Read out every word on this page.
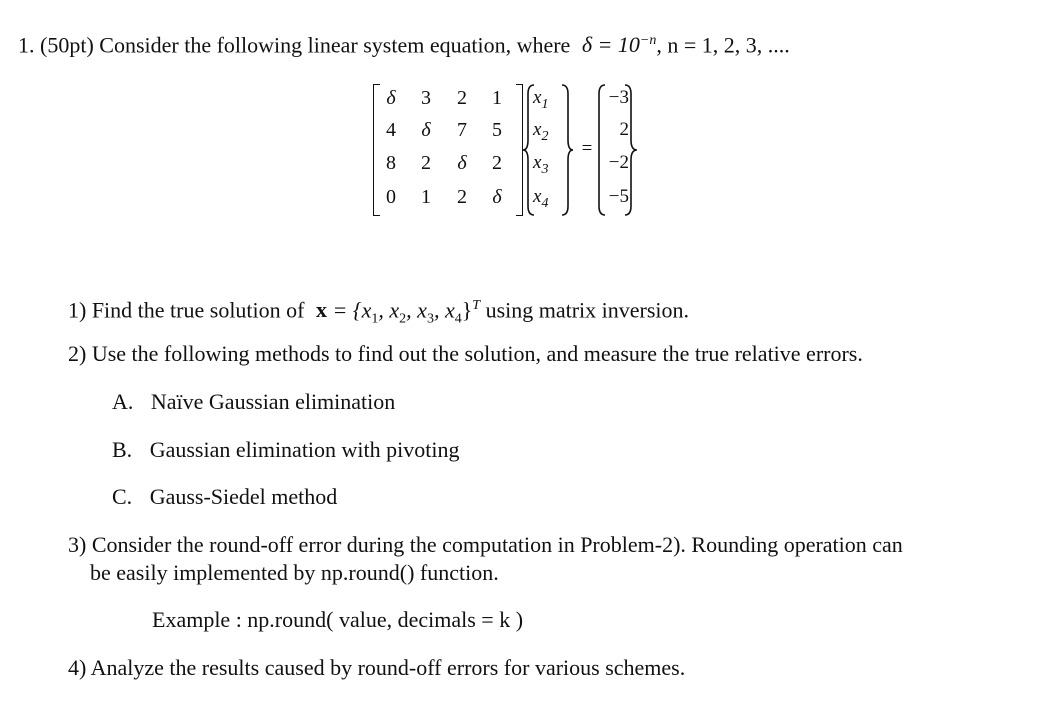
1. (50pt) Consider the following linear system equation, where $\delta = 10^{-n}$, n = 1, 2, 3, ....
δ	3	2	1
4	δ	7	5
8	2	δ	2
0	1	2	δ
$x_1$
$x_2$
$x_3$
$x_4$
=
−3
2
−2
−5
1) Find the true solution of $x = \{x_1$, $x_2$, $x_3$, $x_4\}^T$ using matrix inversion.
2) Use the following methods to find out the solution, and measure the true relative errors.
A. Naïve Gaussian elimination
B. Gaussian elimination with pivoting
C. Gauss-Siedel method
3) Consider the round-off error during the computation in Problem-2). Rounding operation can
be easily implemented by np.round() function.
Example : np.round( value, decimals = k )
4) Analyze the results caused by round-off errors for various schemes.
